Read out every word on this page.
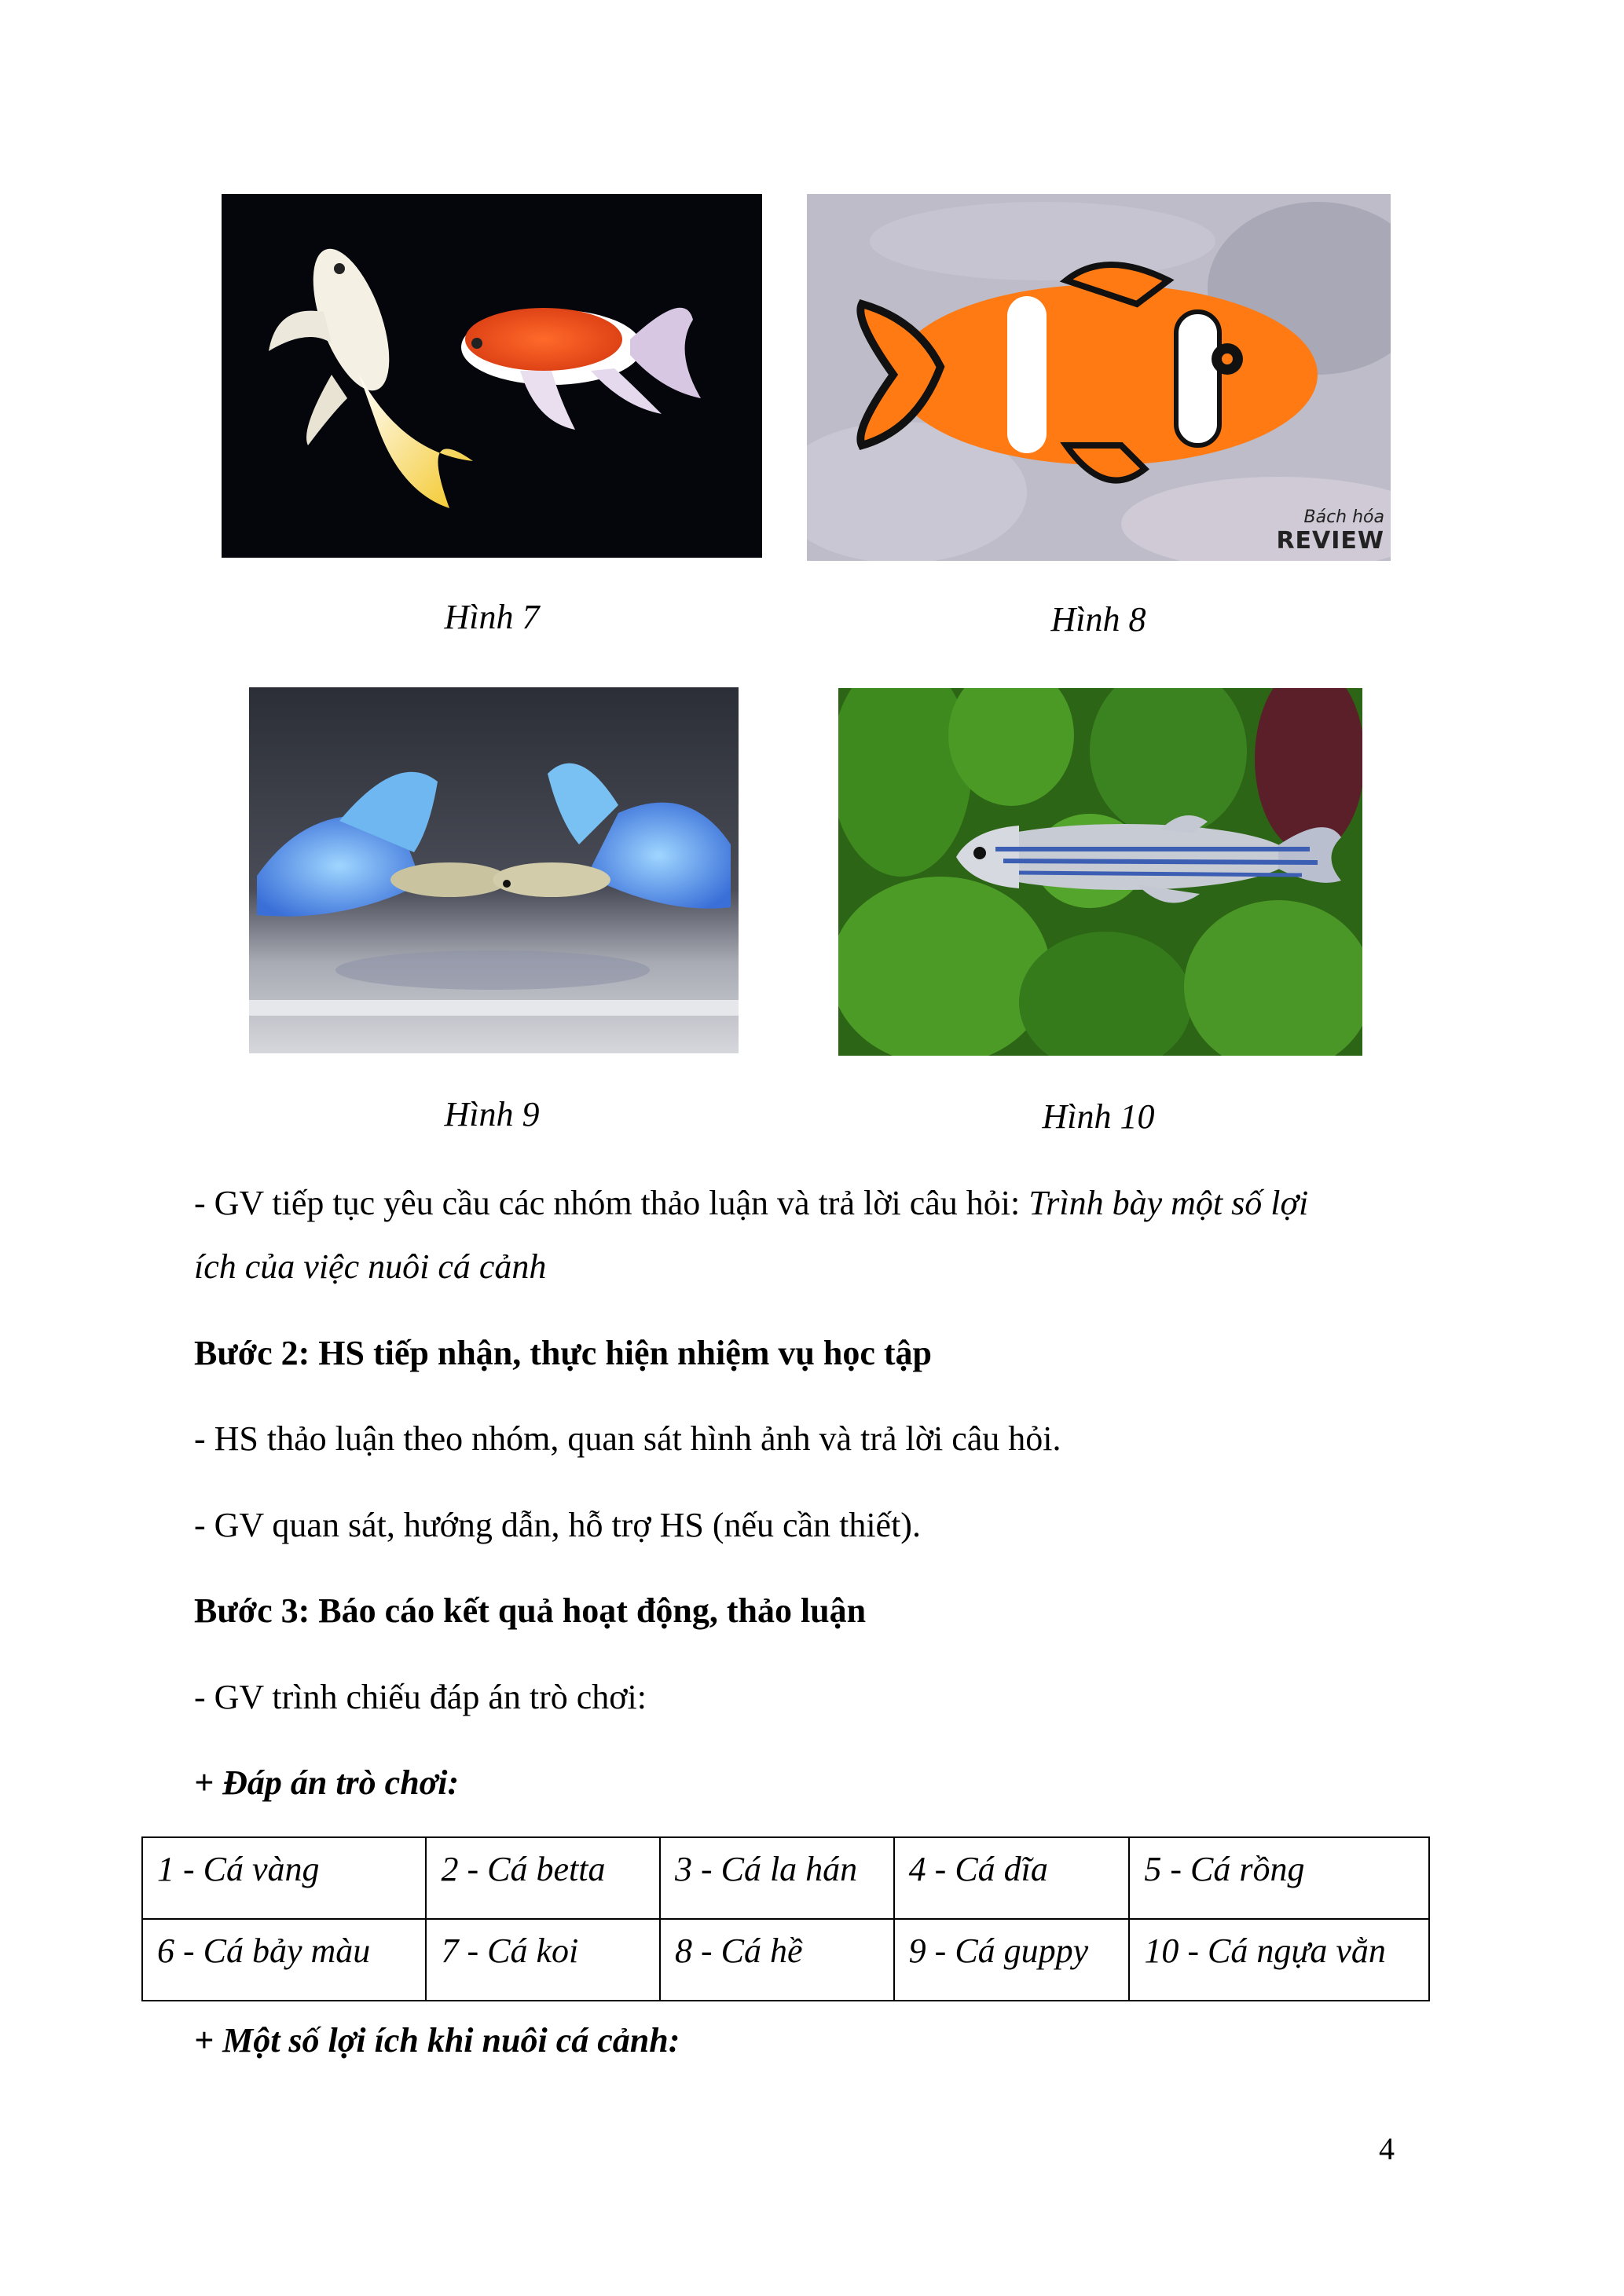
Hình 7
Bách hóa
REVIEW
Hình 8
Hình 9	Hình 10
- GV tiếp tục yêu cầu các nhóm thảo luận và trả lời câu hỏi: Trình bày một số lợi
ích của việc nuôi cá cảnh
Bước 2: HS tiếp nhận, thực hiện nhiệm vụ học tập
- HS thảo luận theo nhóm, quan sát hình ảnh và trả lời câu hỏi.
- GV quan sát, hướng dẫn, hỗ trợ HS (nếu cần thiết).
Bước 3: Báo cáo kết quả hoạt động, thảo luận
- GV trình chiếu đáp án trò chơi:
+ Đáp án trò chơi:
1 - Cá vàng	2 - Cá betta	3 - Cá la hán	4 - Cá dĩa	5 - Cá rồng
6 - Cá bảy màu	7 - Cá koi	8 - Cá hề	9 - Cá guppy	10 - Cá ngựa vằn
+ Một số lợi ích khi nuôi cá cảnh:
4
